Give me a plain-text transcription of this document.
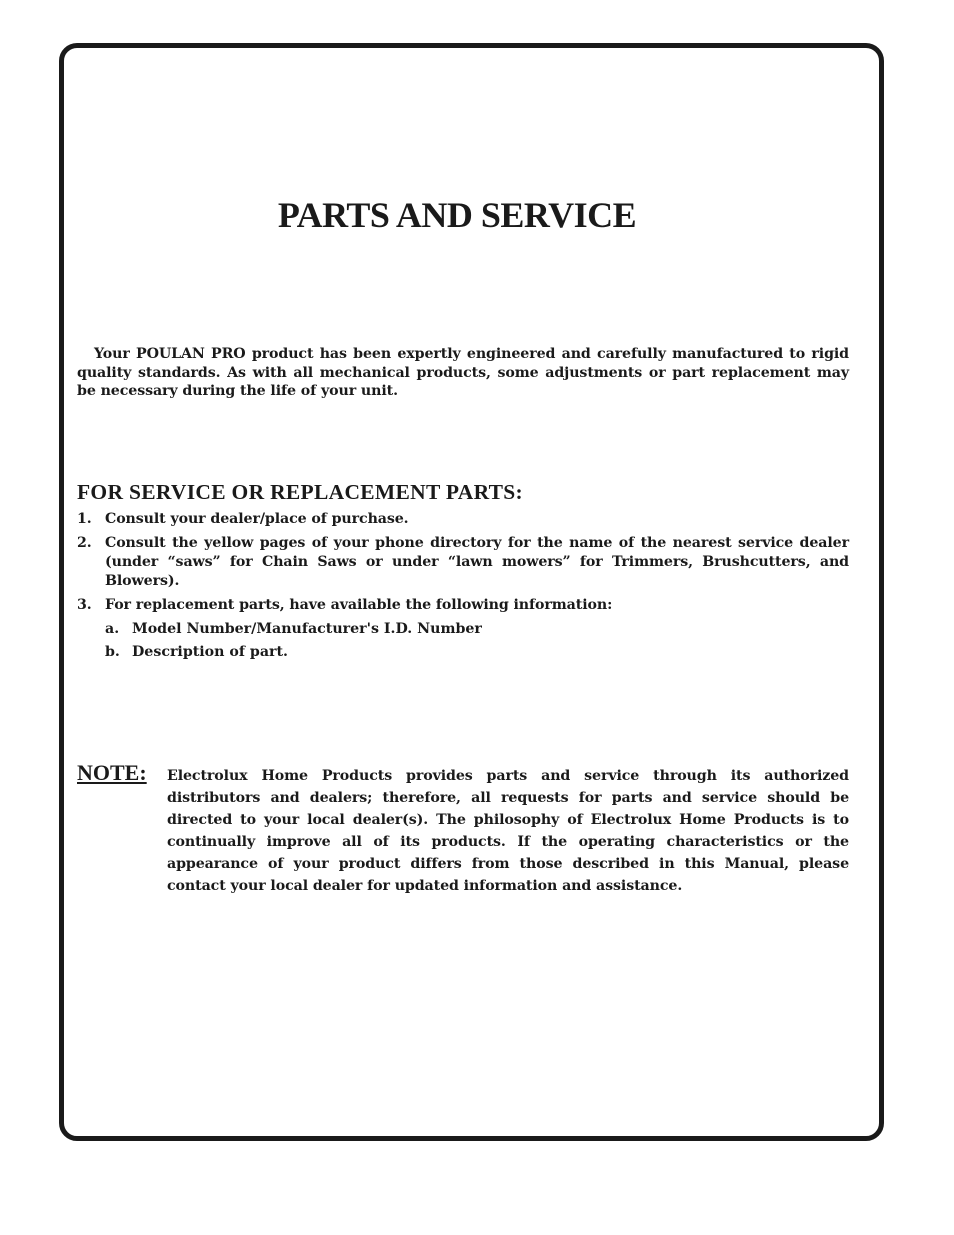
PARTS AND SERVICE
Your POULAN PRO product has been expertly engineered and carefully manufactured to rigid quality standards. As with all mechanical products, some adjustments or part replacement may be necessary during the life of your unit.
FOR SERVICE OR REPLACEMENT PARTS:
1. Consult your dealer/place of purchase.
2. Consult the yellow pages of your phone directory for the name of the nearest service dealer (under “saws” for Chain Saws or under “lawn mowers” for Trimmers, Brushcutters, and Blowers).
3. For replacement parts, have available the following information:
a. Model Number/Manufacturer's I.D. Number
b. Description of part.
NOTE: Electrolux Home Products provides parts and service through its authorized distributors and dealers; therefore, all requests for parts and service should be directed to your local dealer(s). The philosophy of Electrolux Home Products is to continually improve all of its products. If the operating characteristics or the appearance of your product differs from those described in this Manual, please contact your local dealer for updated information and assistance.
